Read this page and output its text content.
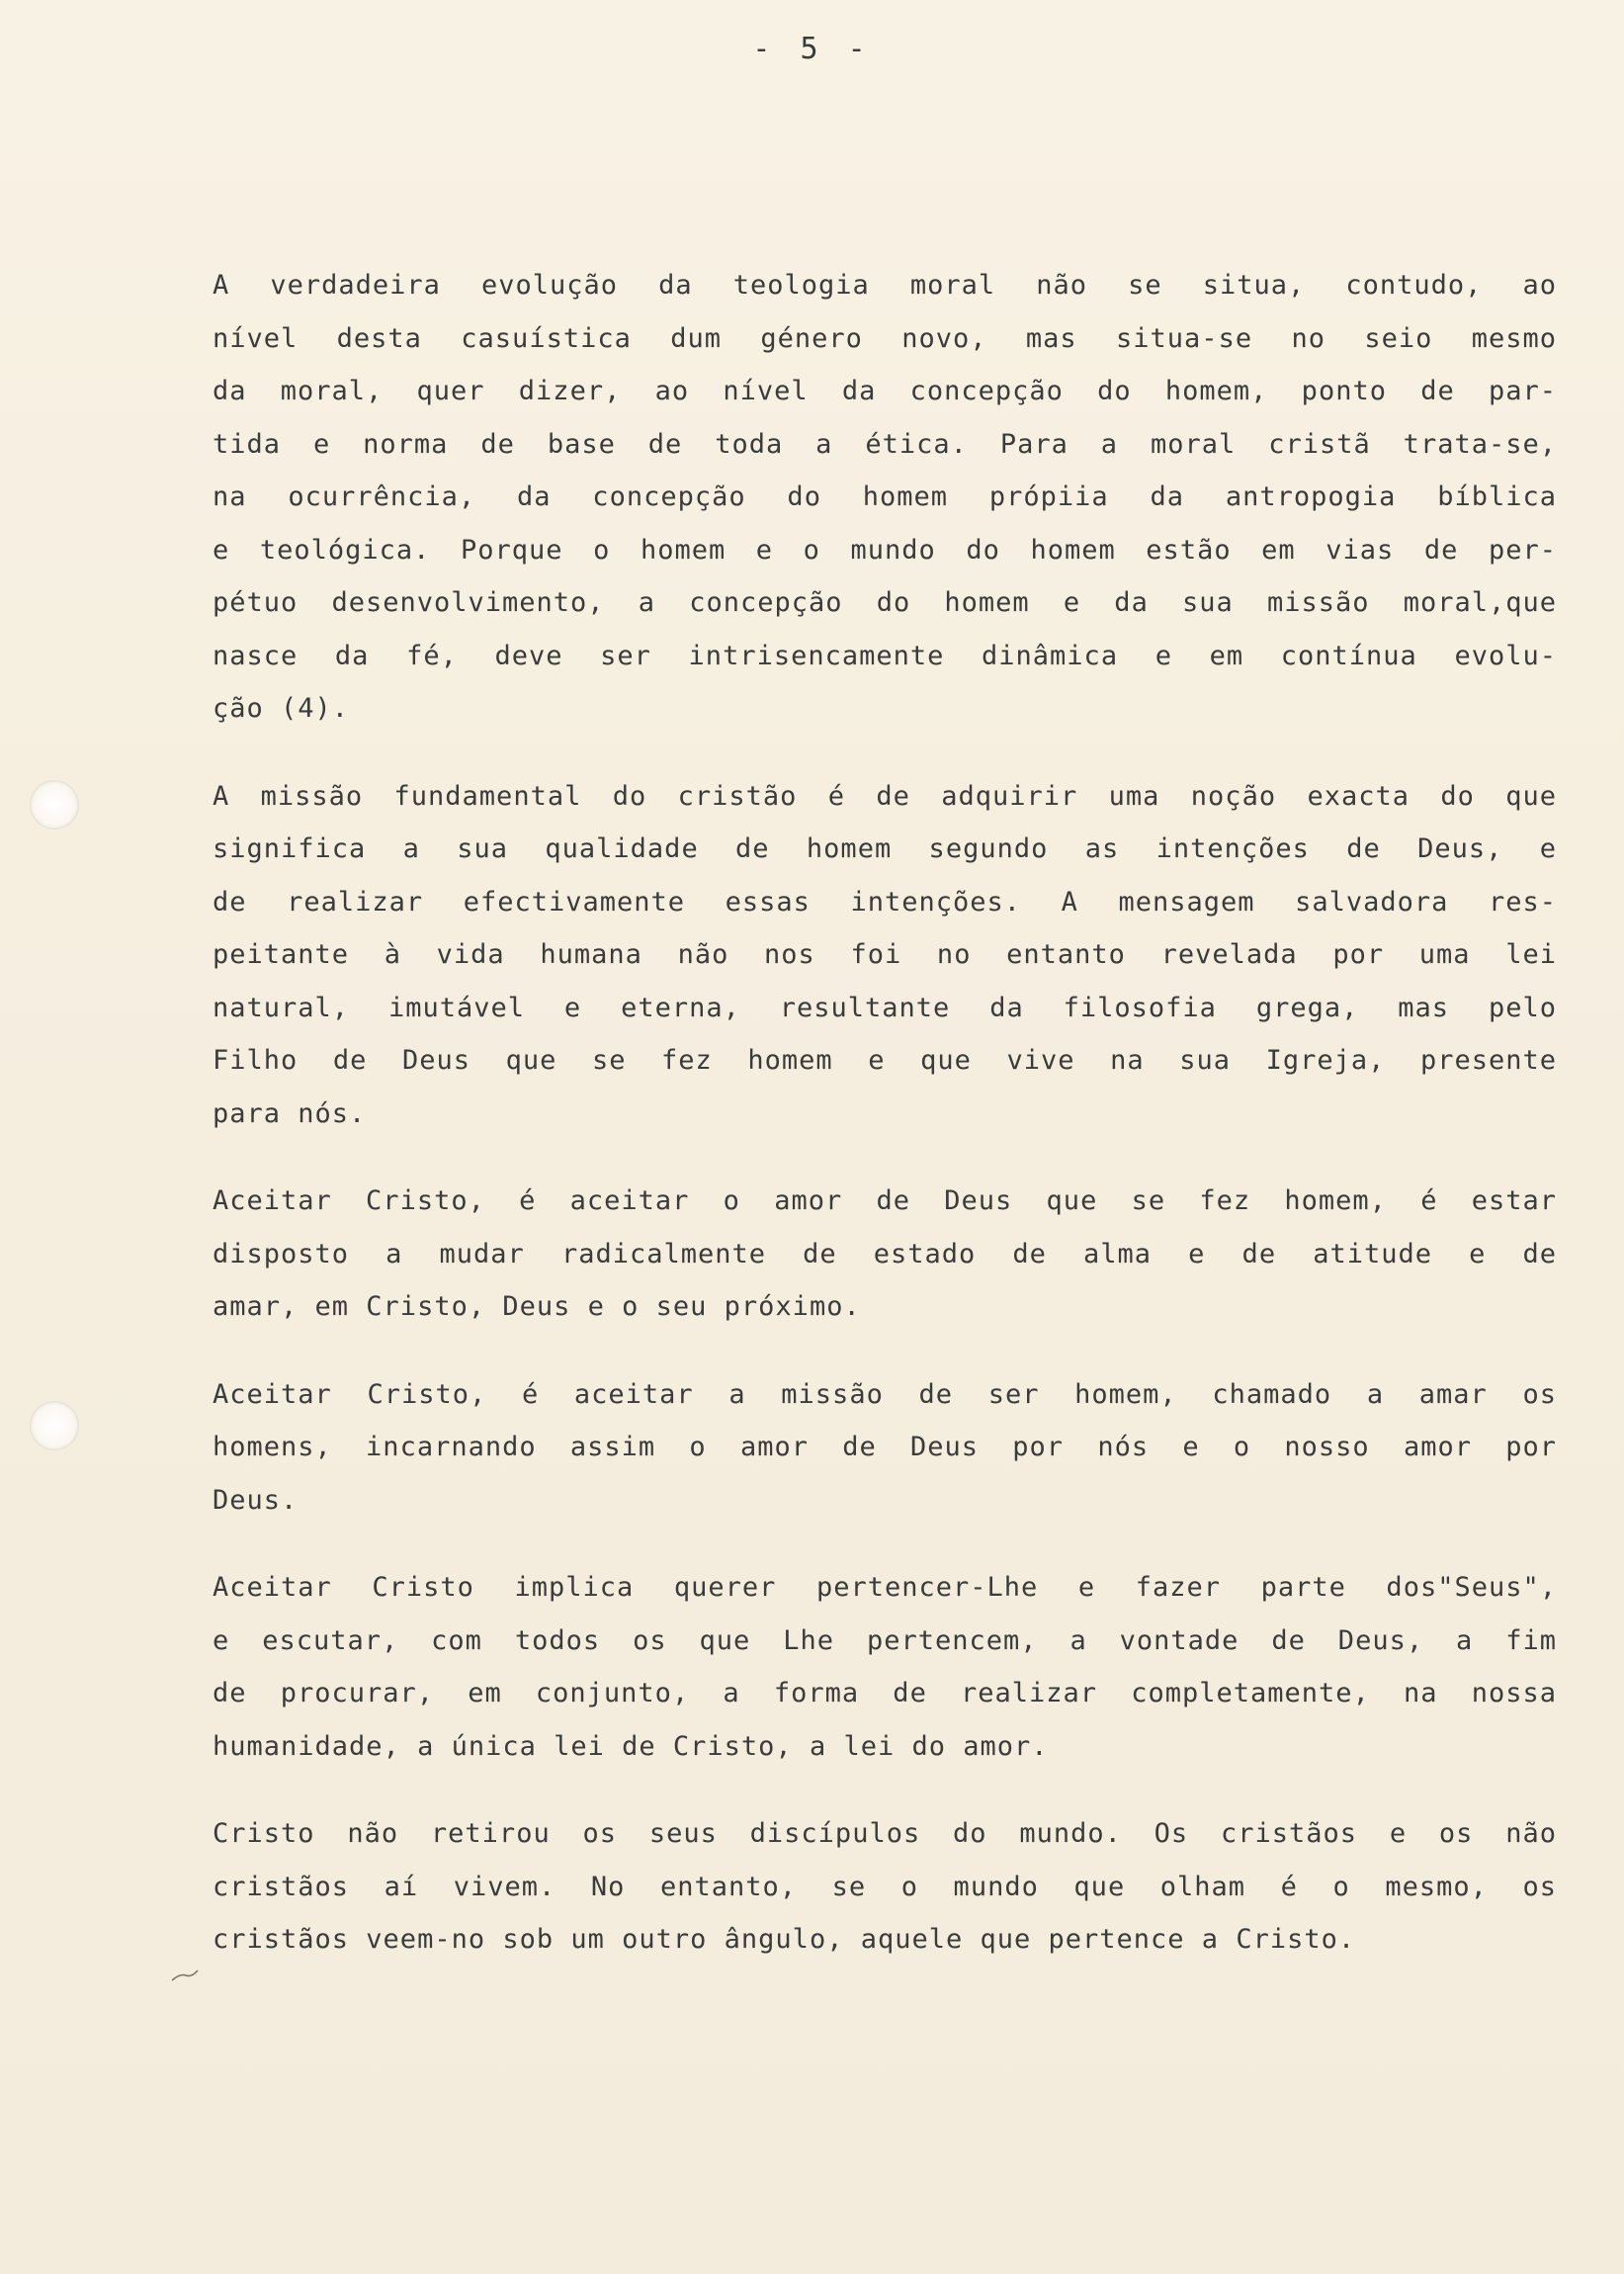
- 5 -
A verdadeira evolução da teologia moral não se situa, contudo, ao
nível desta casuística dum género novo, mas situa-se no seio mesmo
da moral, quer dizer, ao nível da concepção do homem, ponto de par-
tida e norma de base de toda a ética. Para a moral cristã trata-se,
na ocurrência, da concepção do homem própiia da antropogia bíblica
e teológica. Porque o homem e o mundo do homem estão em vias de per-
pétuo desenvolvimento, a concepção do homem e da sua missão moral,que
nasce da fé, deve ser intrisencamente dinâmica e em contínua evolu-
ção (4).
A missão fundamental do cristão é de adquirir uma noção exacta do que
significa a sua qualidade de homem segundo as intenções de Deus, e
de realizar efectivamente essas intenções. A mensagem salvadora res-
peitante à vida humana não nos foi no entanto revelada por uma lei
natural, imutável e eterna, resultante da filosofia grega, mas pelo
Filho de Deus que se fez homem e que vive na sua Igreja, presente
para nós.
Aceitar Cristo, é aceitar o amor de Deus que se fez homem, é estar
disposto a mudar radicalmente de estado de alma e de atitude e de
amar, em Cristo, Deus e o seu próximo.
Aceitar Cristo, é aceitar a missão de ser homem, chamado a amar os
homens, incarnando assim o amor de Deus por nós e o nosso amor por
Deus.
Aceitar Cristo implica querer pertencer-Lhe e fazer parte dos"Seus",
e escutar, com todos os que Lhe pertencem, a vontade de Deus, a fim
de procurar, em conjunto, a forma de realizar completamente, na nossa
humanidade, a única lei de Cristo, a lei do amor.
Cristo não retirou os seus discípulos do mundo. Os cristãos e os não
cristãos aí vivem. No entanto, se o mundo que olham é o mesmo, os
cristãos veem-no sob um outro ângulo, aquele que pertence a Cristo.
